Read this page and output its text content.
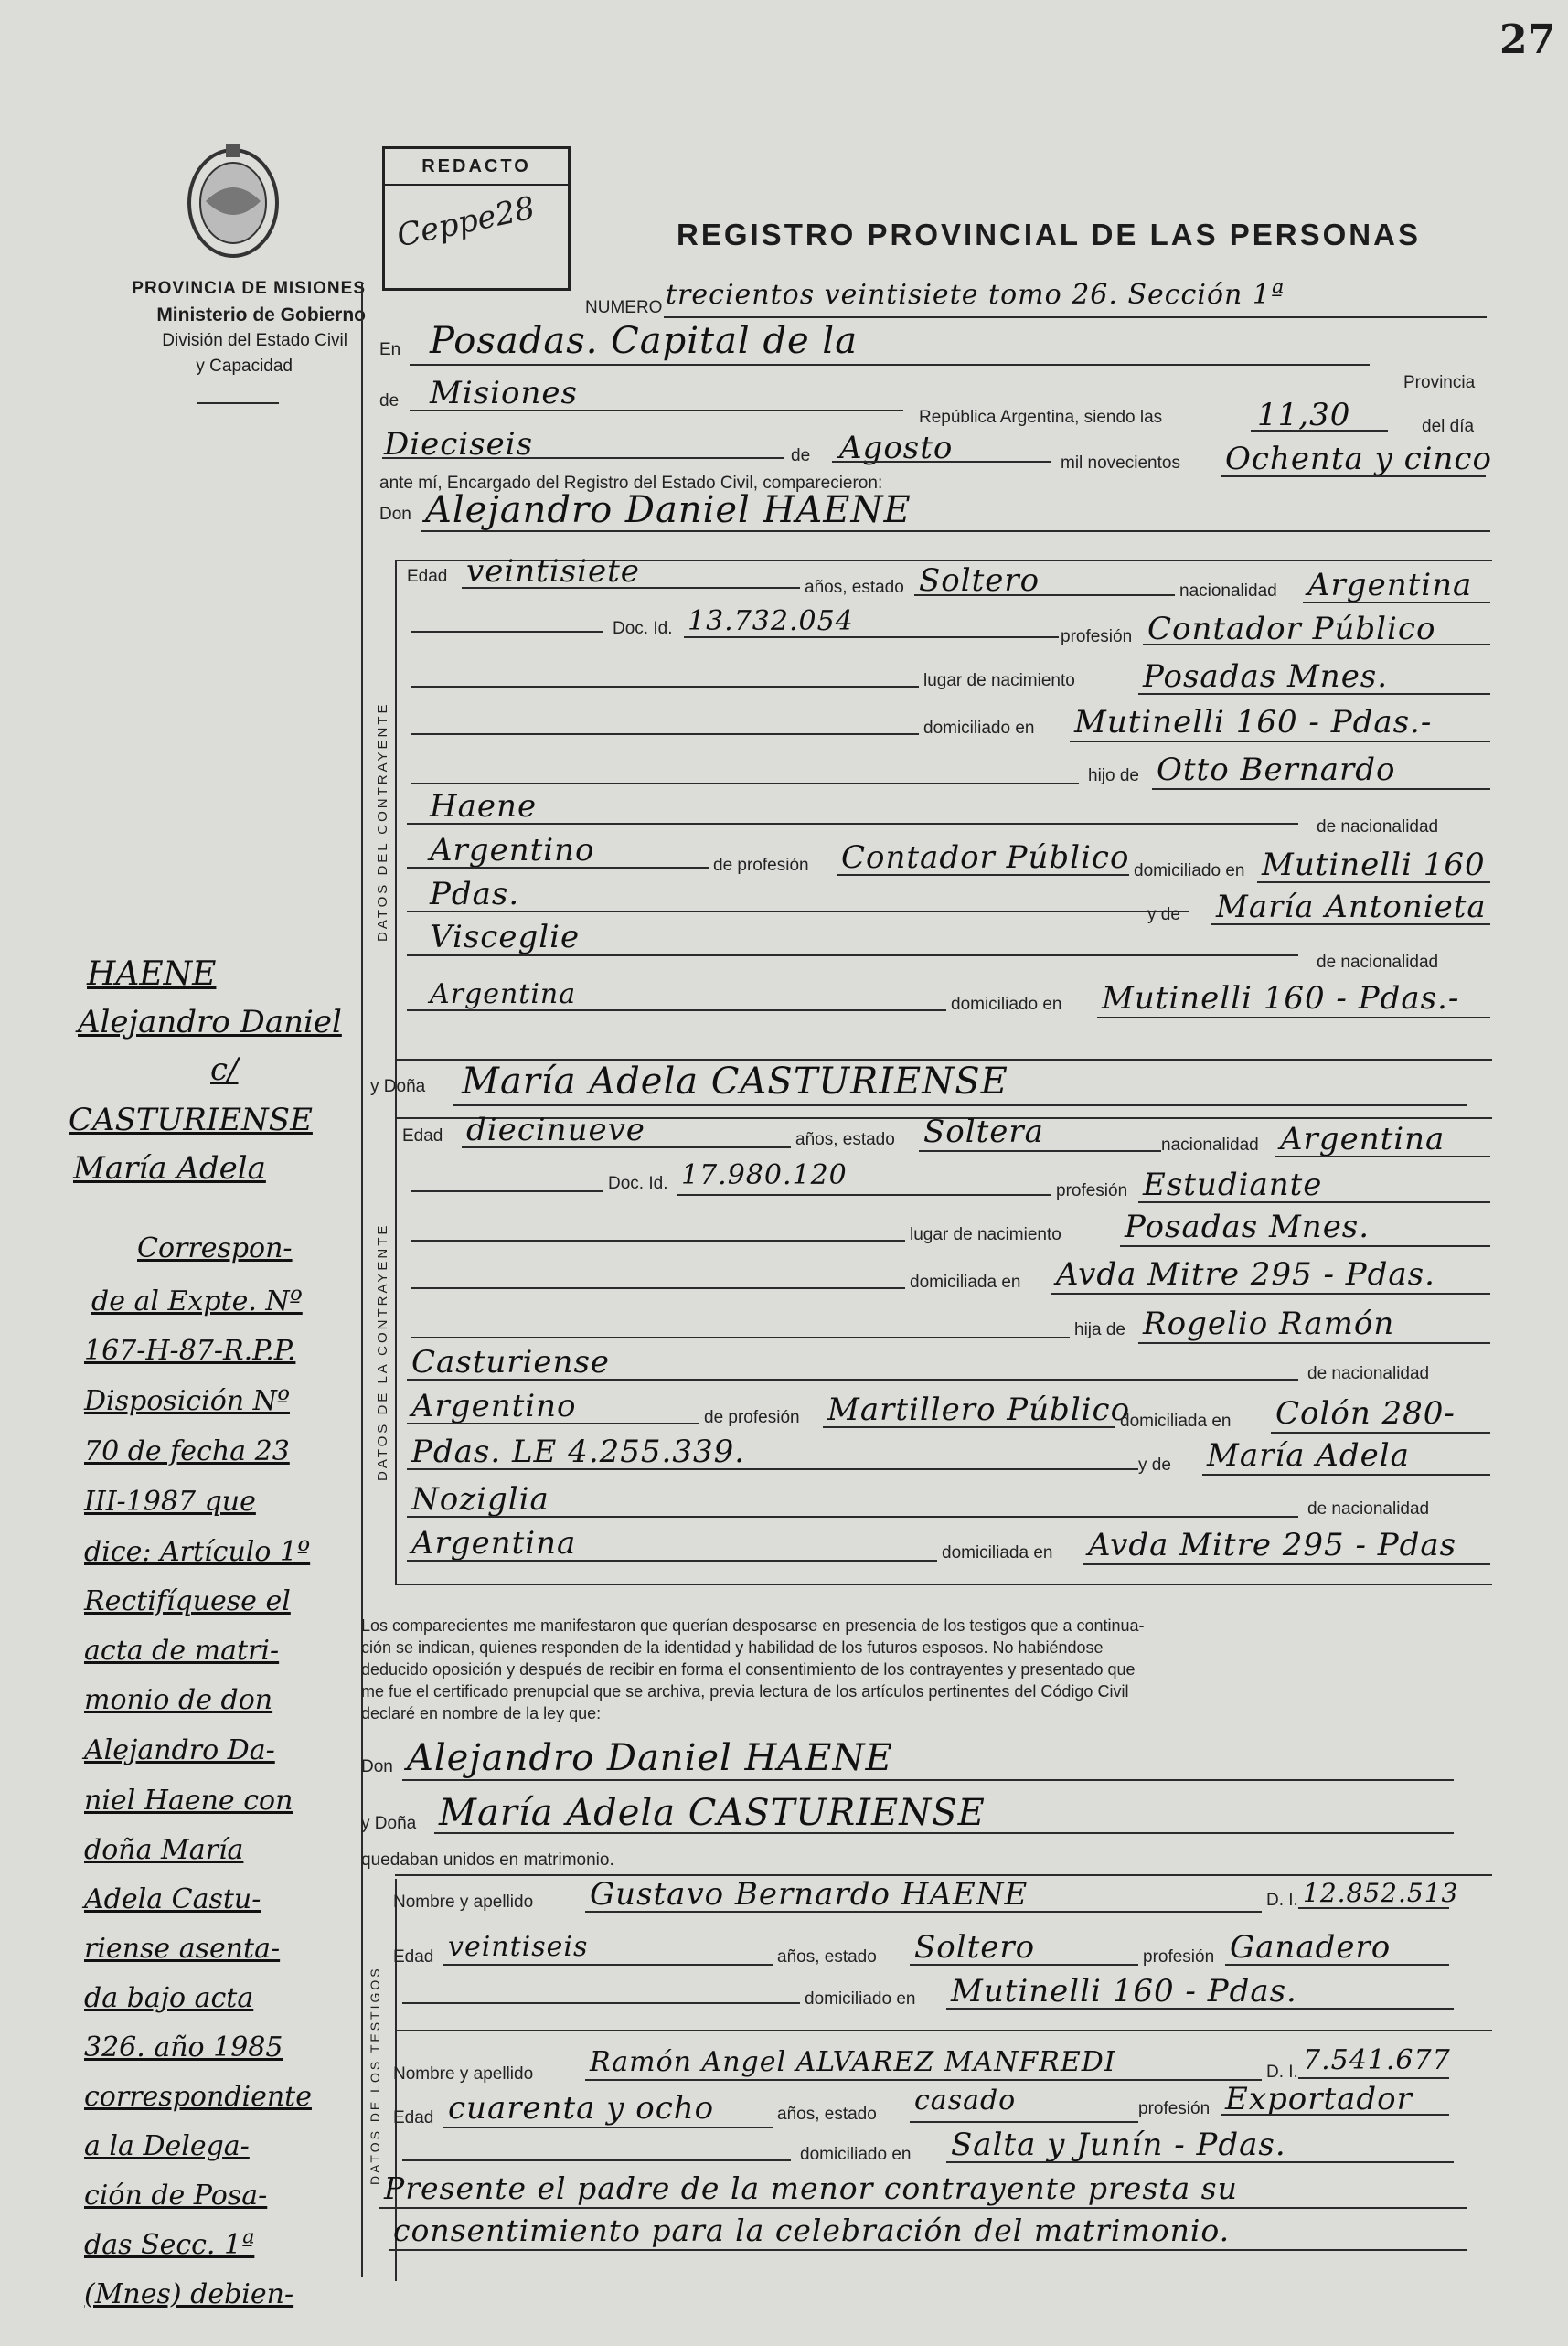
27
PROVINCIA DE MISIONES
Ministerio de Gobierno
División del Estado Civil
y Capacidad
REDACTO
Ceppe28	REGISTRO PROVINCIAL DE LAS PERSONAS
NUMERO trecientos veintisiete tomo 26. Sección 1ª
En Posadas. Capital de la
Provincia
de Misiones
República Argentina, siendo las	11,30	del día
Dieciseis	de Agosto	mil novecientos Ochenta y cinco
ante mí, Encargado del Registro del Estado Civil, comparecieron:
Don Alejandro Daniel HAENE
DATOS DEL CONTRAYENTE
Edad veintisiete	años, estado Soltero	nacionalidad Argentina
Doc. Id. 13.732.054	profesión Contador Público
lugar de nacimiento Posadas Mnes.
domiciliado en Mutinelli 160 - Pdas.-
hijo de Otto Bernardo
Haene
de nacionalidad
Argentino	de profesión Contador Público domiciliado en Mutinelli 160
Pdas.
y de María Antonieta
Visceglie
de nacionalidad
Argentina	domiciliado en Mutinelli 160 - Pdas.-
y Doña María Adela CASTURIENSE
DATOS DE LA CONTRAYENTE
Edad diecinueve	años, estado Soltera	nacionalidad Argentina
Doc. Id. 17.980.120	profesión Estudiante
lugar de nacimiento Posadas Mnes.
domiciliada en Avda Mitre 295 - Pdas.
hija de Rogelio Ramón
Casturiense	de nacionalidad
Argentino	de profesión Martillero Público
domiciliada en Colón 280-
Pdas. LE 4.255.339.	y de María Adela
Noziglia	de nacionalidad
Argentina	domiciliada en Avda Mitre 295 - Pdas
Los comparecientes me manifestaron que querían desposarse en presencia de los testigos que a continua-
ción se indican, quienes responden de la identidad y habilidad de los futuros esposos. No habiéndose
deducido oposición y después de recibir en forma el consentimiento de los contrayentes y presentado que
me fue el certificado prenupcial que se archiva, previa lectura de los artículos pertinentes del Código Civil
declaré en nombre de la ley que:
Don Alejandro Daniel HAENE
y Doña María Adela CASTURIENSE
quedaban unidos en matrimonio.
DATOS DE LOS TESTIGOS
Nombre y apellido Gustavo Bernardo HAENE	D. I. 12.852.513
Edad veintiseis	años, estado Soltero	profesión Ganadero
domiciliado en Mutinelli 160 - Pdas.
Nombre y apellido Ramón Angel ALVAREZ MANFREDI	D. I. 7.541.677
Edad cuarenta y ocho	años, estado casado	profesión Exportador
domiciliado en Salta y Junín - Pdas.
Presente el padre de la menor contrayente presta su
consentimiento para la celebración del matrimonio.
HAENE
Alejandro Daniel
c/
CASTURIENSE
María Adela
Correspon-
de al Expte. Nº
167-H-87-R.P.P.
Disposición Nº
70 de fecha 23
III-1987 que
dice: Artículo 1º
Rectifíquese el
acta de matri-
monio de don
Alejandro Da-
niel Haene con
doña María
Adela Castu-
riense asenta-
da bajo acta
326. año 1985
correspondiente
a la Delega-
ción de Posa-
das Secc. 1ª
(Mnes) debien-
